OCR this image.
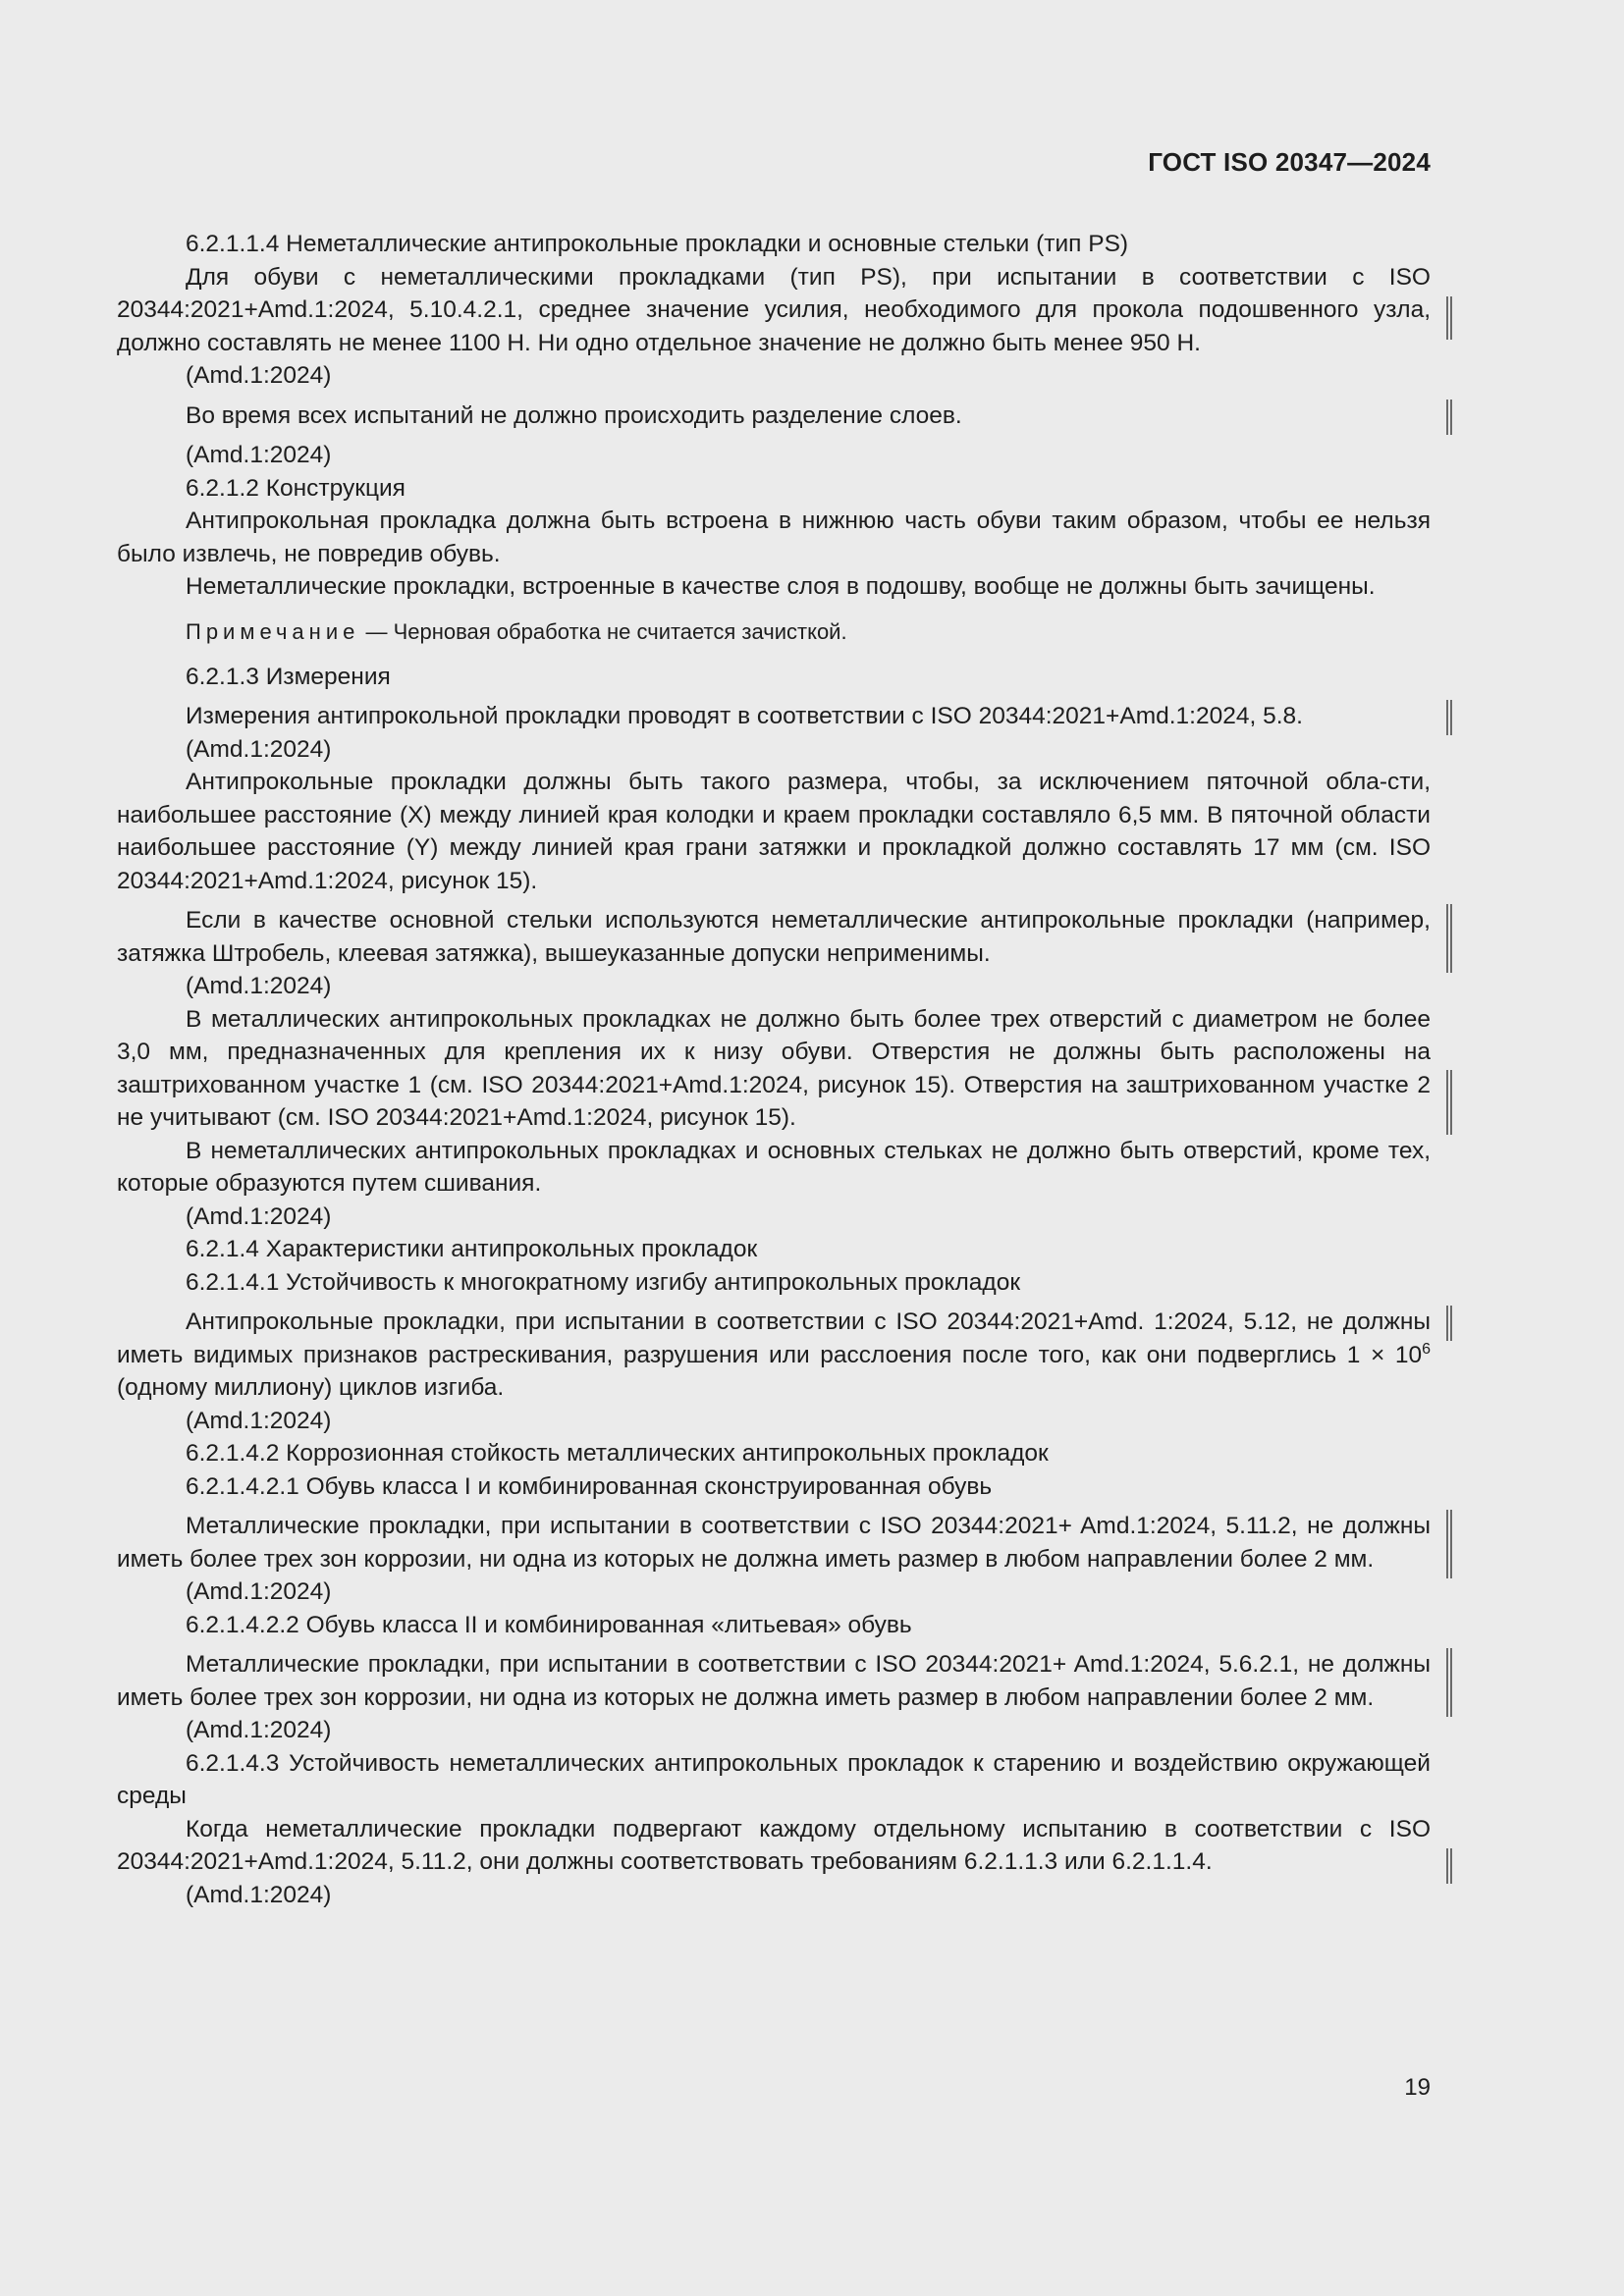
ГОСТ ISO 20347—2024

6.2.1.1.4 Неметаллические антипрокольные прокладки и основные стельки (тип PS)

Для обуви с неметаллическими прокладками (тип PS), при испытании в соответствии с ISO 20344:2021+Amd.1:2024, 5.10.4.2.1, среднее значение усилия, необходимого для прокола подошвенного узла, должно составлять не менее 1100 Н. Ни одно отдельное значение не должно быть менее 950 Н.

(Amd.1:2024)

Во время всех испытаний не должно происходить разделение слоев.

(Amd.1:2024)

6.2.1.2 Конструкция

Антипрокольная прокладка должна быть встроена в нижнюю часть обуви таким образом, чтобы ее нельзя было извлечь, не повредив обувь.

Неметаллические прокладки, встроенные в качестве слоя в подошву, вообще не должны быть зачищены.

Примечание — Черновая обработка не считается зачисткой.

6.2.1.3 Измерения

Измерения антипрокольной прокладки проводят в соответствии с ISO 20344:2021+Amd.1:2024, 5.8.

(Amd.1:2024)

Антипрокольные прокладки должны быть такого размера, чтобы, за исключением пяточной обла-сти, наибольшее расстояние (X) между линией края колодки и краем прокладки составляло 6,5 мм. В пяточной области наибольшее расстояние (Y) между линией края грани затяжки и прокладкой должно составлять 17 мм (см. ISO 20344:2021+Amd.1:2024, рисунок 15).

Если в качестве основной стельки используются неметаллические антипрокольные прокладки (например, затяжка Штробель, клеевая затяжка), вышеуказанные допуски неприменимы.

(Amd.1:2024)

В металлических антипрокольных прокладках не должно быть более трех отверстий с диаметром не более 3,0 мм, предназначенных для крепления их к низу обуви. Отверстия не должны быть расположены на заштрихованном участке 1 (см. ISO 20344:2021+Amd.1:2024, рисунок 15). Отверстия на заштрихованном участке 2 не учитывают (см. ISO 20344:2021+Amd.1:2024, рисунок 15).

В неметаллических антипрокольных прокладках и основных стельках не должно быть отверстий, кроме тех, которые образуются путем сшивания.

(Amd.1:2024)

6.2.1.4 Характеристики антипрокольных прокладок

6.2.1.4.1 Устойчивость к многократному изгибу антипрокольных прокладок

Антипрокольные прокладки, при испытании в соответствии с ISO 20344:2021+Amd. 1:2024, 5.12, не должны иметь видимых признаков растрескивания, разрушения или расслоения после того, как они подверглись $1 \times 10^6$ (одному миллиону) циклов изгиба.

(Amd.1:2024)

6.2.1.4.2 Коррозионная стойкость металлических антипрокольных прокладок

6.2.1.4.2.1 Обувь класса I и комбинированная сконструированная обувь

Металлические прокладки, при испытании в соответствии с ISO 20344:2021+ Amd.1:2024, 5.11.2, не должны иметь более трех зон коррозии, ни одна из которых не должна иметь размер в любом направлении более 2 мм.

(Amd.1:2024)

6.2.1.4.2.2 Обувь класса II и комбинированная «литьевая» обувь

Металлические прокладки, при испытании в соответствии с ISO 20344:2021+ Amd.1:2024, 5.6.2.1, не должны иметь более трех зон коррозии, ни одна из которых не должна иметь размер в любом направлении более 2 мм.

(Amd.1:2024)

6.2.1.4.3 Устойчивость неметаллических антипрокольных прокладок к старению и воздействию окружающей среды

Когда неметаллические прокладки подвергают каждому отдельному испытанию в соответствии с ISO 20344:2021+Amd.1:2024, 5.11.2, они должны соответствовать требованиям 6.2.1.1.3 или 6.2.1.1.4.

(Amd.1:2024)

19
